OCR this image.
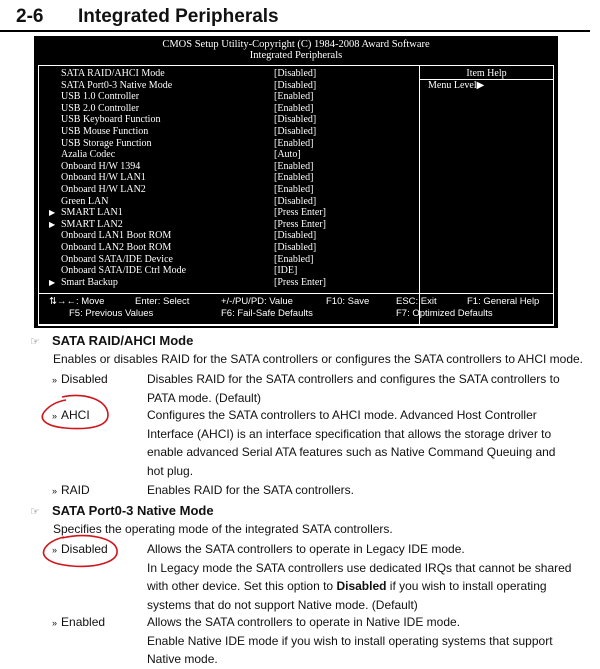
2-6 Integrated Peripherals
CMOS Setup Utility-Copyright (C) 1984-2008 Award Software
Integrated Peripherals
SATA RAID/AHCI Mode	[Disabled]
SATA Port0-3 Native Mode	[Disabled]
USB 1.0 Controller	[Enabled]
USB 2.0 Controller	[Enabled]
USB Keyboard Function	[Disabled]
USB Mouse Function	[Disabled]
USB Storage Function	[Enabled]
Azalia Codec	[Auto]
Onboard H/W 1394	[Enabled]
Onboard H/W LAN1	[Enabled]
Onboard H/W LAN2	[Enabled]
Green LAN	[Disabled]
▶ SMART LAN1	[Press Enter]
▶ SMART LAN2	[Press Enter]
Onboard LAN1 Boot ROM	[Disabled]
Onboard LAN2 Boot ROM	[Disabled]
Onboard SATA/IDE Device	[Enabled]
Onboard SATA/IDE Ctrl Mode	[IDE]
▶ Smart Backup	[Press Enter]
Item Help
Menu Level▶
⇅→←: Move	Enter: Select	+/-/PU/PD: Value	F10: Save	ESC: Exit	F1: General Help
F5: Previous Values	F6: Fail-Safe Defaults	F7: Optimized Defaults
☞ SATA RAID/AHCI Mode
Enables or disables RAID for the SATA controllers or configures the SATA controllers to AHCI mode.
» Disabled	Disables RAID for the SATA controllers and configures the SATA controllers to
PATA mode. (Default)
» AHCI	Configures the SATA controllers to AHCI mode. Advanced Host Controller
Interface (AHCI) is an interface specification that allows the storage driver to
enable advanced Serial ATA features such as Native Command Queuing and
hot plug.
» RAID	Enables RAID for the SATA controllers.
☞ SATA Port0-3 Native Mode
Specifies the operating mode of the integrated SATA controllers.
» Disabled	Allows the SATA controllers to operate in Legacy IDE mode.
In Legacy mode the SATA controllers use dedicated IRQs that cannot be shared
with other device. Set this option to Disabled if you wish to install operating
systems that do not support Native mode. (Default)
» Enabled	Allows the SATA controllers to operate in Native IDE mode.
Enable Native IDE mode if you wish to install operating systems that support
Native mode.
